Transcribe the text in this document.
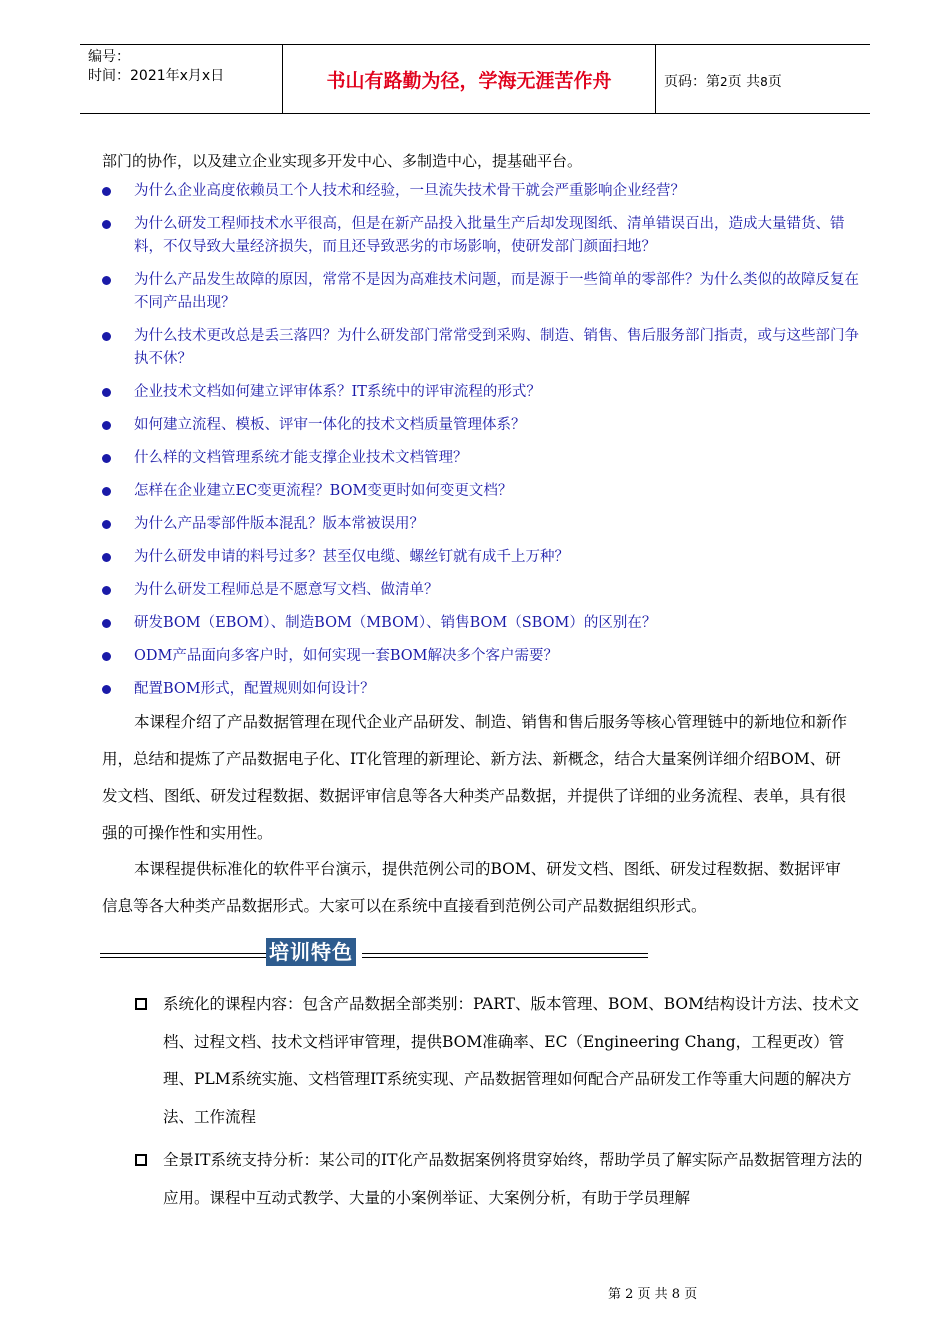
编号：
时间：2021年x月x日	书山有路勤为径，学海无涯苦作舟	页码：第2页 共8页
部门的协作，以及建立企业实现多开发中心、多制造中心，提基础平台。
为什么企业高度依赖员工个人技术和经验，一旦流失技术骨干就会严重影响企业经营？
为什么研发工程师技术水平很高，但是在新产品投入批量生产后却发现图纸、清单错误百出，造成大量错货、错料，不仅导致大量经济损失，而且还导致恶劣的市场影响，使研发部门颜面扫地？
为什么产品发生故障的原因，常常不是因为高难技术问题，而是源于一些简单的零部件？为什么类似的故障反复在不同产品出现？
为什么技术更改总是丢三落四？为什么研发部门常常受到采购、制造、销售、售后服务部门指责，或与这些部门争执不休？
企业技术文档如何建立评审体系？IT系统中的评审流程的形式？
如何建立流程、模板、评审一体化的技术文档质量管理体系？
什么样的文档管理系统才能支撑企业技术文档管理？
怎样在企业建立EC变更流程？BOM变更时如何变更文档？
为什么产品零部件版本混乱？版本常被误用？
为什么研发申请的料号过多？甚至仅电缆、螺丝钉就有成千上万种？
为什么研发工程师总是不愿意写文档、做清单？
研发BOM（EBOM）、制造BOM（MBOM）、销售BOM（SBOM）的区别在？
ODM产品面向多客户时，如何实现一套BOM解决多个客户需要？
配置BOM形式，配置规则如何设计？

本课程介绍了产品数据管理在现代企业产品研发、制造、销售和售后服务等核心管理链中的新地位和新作用，总结和提炼了产品数据电子化、IT化管理的新理论、新方法、新概念，结合大量案例详细介绍BOM、研发文档、图纸、研发过程数据、数据评审信息等各大种类产品数据，并提供了详细的业务流程、表单，具有很强的可操作性和实用性。

本课程提供标准化的软件平台演示，提供范例公司的BOM、研发文档、图纸、研发过程数据、数据评审信息等各大种类产品数据形式。大家可以在系统中直接看到范例公司产品数据组织形式。

培训特色
系统化的课程内容：包含产品数据全部类别：PART、版本管理、BOM、BOM结构设计方法、技术文档、过程文档、技术文档评审管理，提供BOM准确率、EC（Engineering Chang，工程更改）管理、PLM系统实施、文档管理IT系统实现、产品数据管理如何配合产品研发工作等重大问题的解决方法、工作流程
全景IT系统支持分析：某公司的IT化产品数据案例将贯穿始终，帮助学员了解实际产品数据管理方法的应用。课程中互动式教学、大量的小案例举证、大案例分析，有助于学员理解
第 2 页 共 8 页
